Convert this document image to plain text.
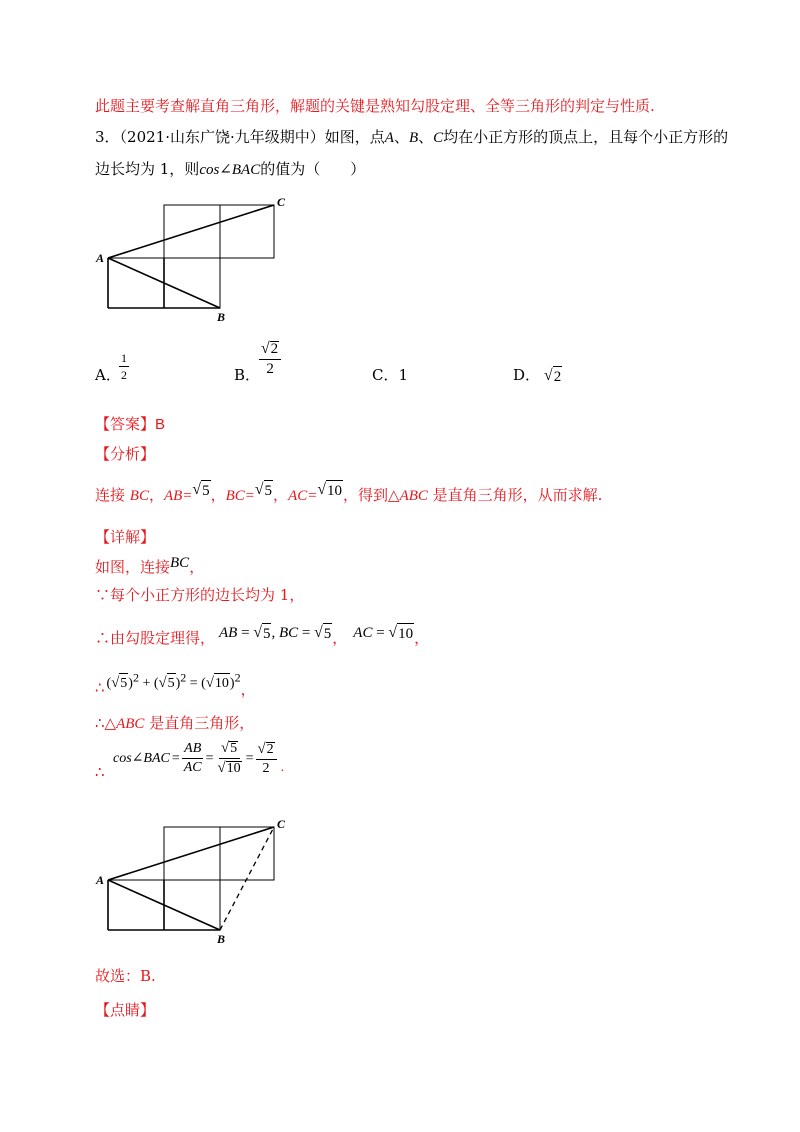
此题主要考查解直角三角形，解题的关键是熟知勾股定理、全等三角形的判定与性质.
3．（2021·山东广饶·九年级期中）如图，点A、B、C均在小正方形的顶点上，且每个小正方形的
边长均为 1，则cos∠BAC的值为（　　）
A
B
C
A．
$\frac{1}{2}$	B．
$\frac{√ 2}{2}$	C．1	D． √ 2
【答案】B
【分析】
连接 BC，AB= √ 5 ，BC= √ 5 ，AC= √ 10 ，得到△ABC 是直角三角形，从而求解.
【详解】
如图，连接BC，
∵每个小正方形的边长均为 1，
∴由勾股定理得， AB = √ 5 , BC = √ 5 ， AC = √ 10 ，
∴ ( √ 5 )$^2$ + ( √ 5 )$^2$ = ( √ 10 )$^2$，
∴△ABC 是直角三角形，
∴
cos∠BAC = $\frac{AB}{AC} = \frac{√ 5}{√ 10} = \frac{√ 2}{2}$ .
A
B
C
故选：B.
【点睛】
